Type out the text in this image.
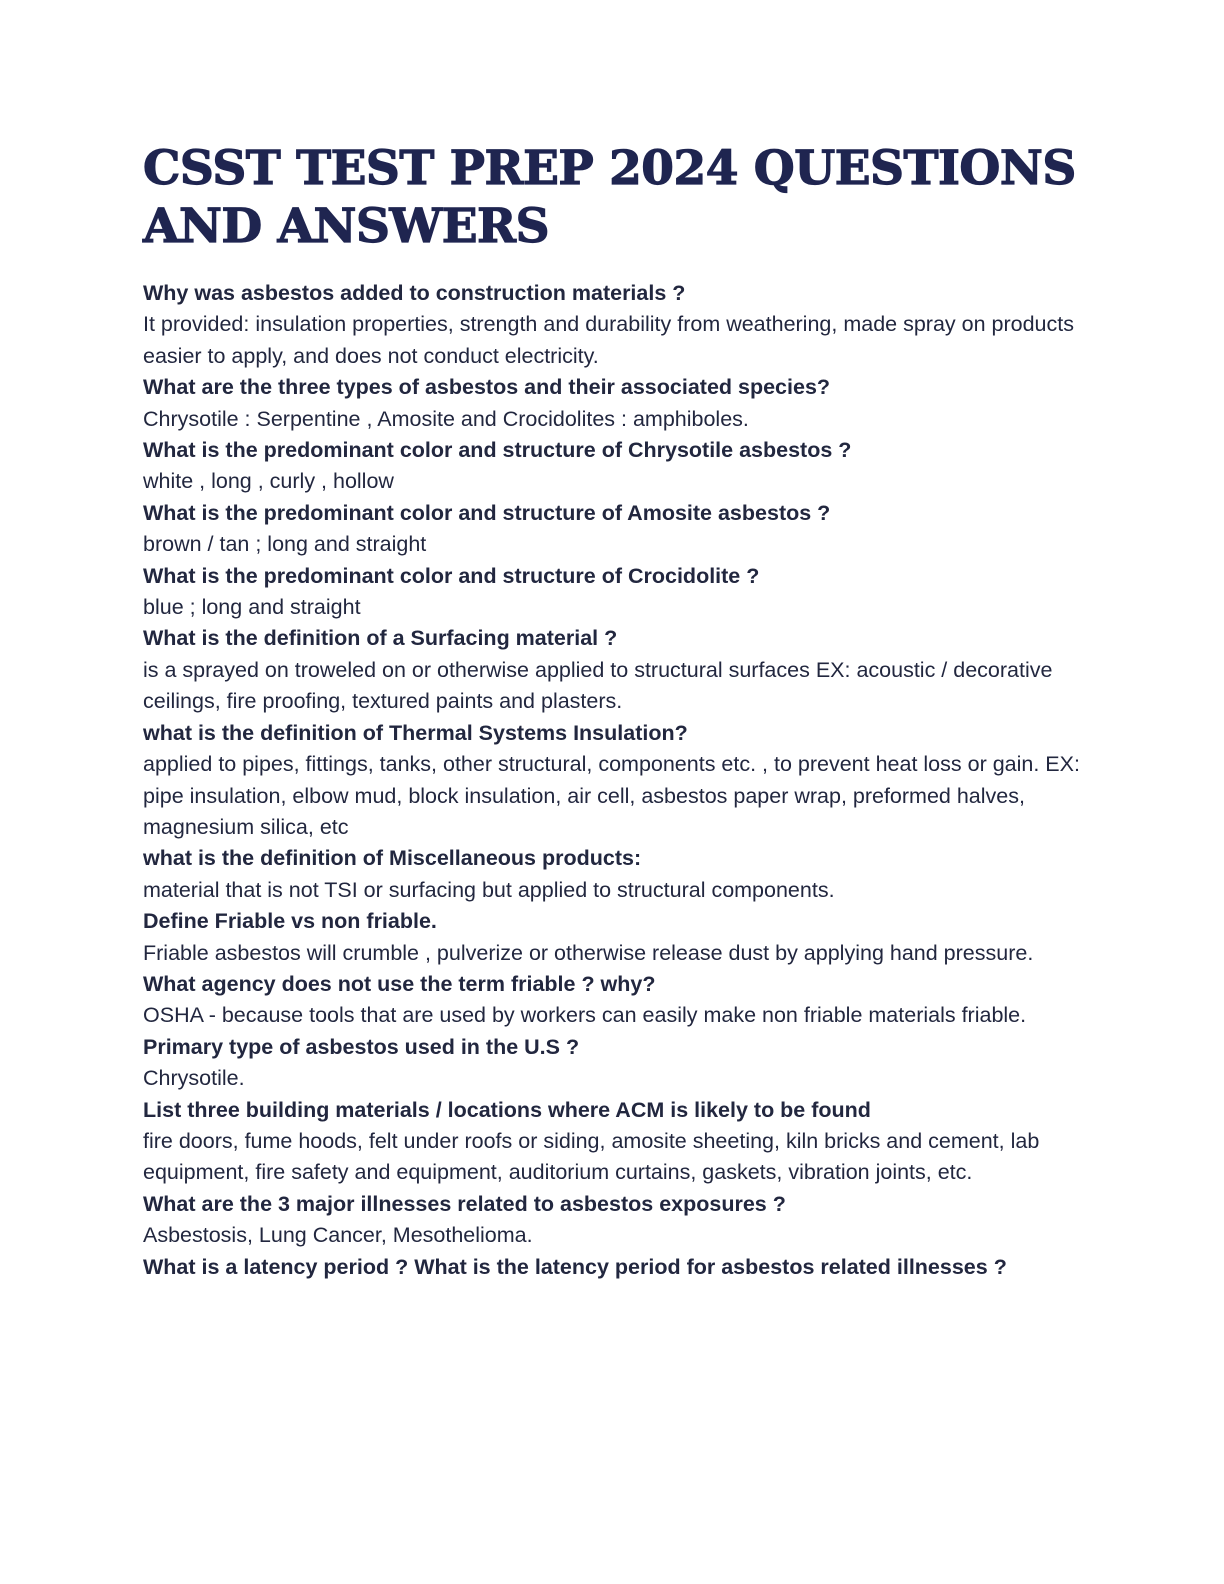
CSST TEST PREP 2024 QUESTIONS AND ANSWERS

Why was asbestos added to construction materials ?

It provided: insulation properties, strength and durability from weathering, made spray on products easier to apply, and does not conduct electricity.

What are the three types of asbestos and their associated species?

Chrysotile : Serpentine , Amosite and Crocidolites : amphiboles.

What is the predominant color and structure of Chrysotile asbestos ?

white , long , curly , hollow

What is the predominant color and structure of Amosite asbestos ?

brown / tan ; long and straight

What is the predominant color and structure of Crocidolite ?

blue ; long and straight

What is the definition of a Surfacing material ?

is a sprayed on troweled on or otherwise applied to structural surfaces EX: acoustic / decorative ceilings, fire proofing, textured paints and plasters.

what is the definition of Thermal Systems Insulation?

applied to pipes, fittings, tanks, other structural, components etc. , to prevent heat loss or gain. EX: pipe insulation, elbow mud, block insulation, air cell, asbestos paper wrap, preformed halves, magnesium silica, etc

what is the definition of Miscellaneous products:

material that is not TSI or surfacing but applied to structural components.

Define Friable vs non friable.

Friable asbestos will crumble , pulverize or otherwise release dust by applying hand pressure.

What agency does not use the term friable ? why?

OSHA - because tools that are used by workers can easily make non friable materials friable.

Primary type of asbestos used in the U.S ?

Chrysotile.

List three building materials / locations where ACM is likely to be found

fire doors, fume hoods, felt under roofs or siding, amosite sheeting, kiln bricks and cement, lab equipment, fire safety and equipment, auditorium curtains, gaskets, vibration joints, etc.

What are the 3 major illnesses related to asbestos exposures ?

Asbestosis, Lung Cancer, Mesothelioma.

What is a latency period ? What is the latency period for asbestos related illnesses ?
